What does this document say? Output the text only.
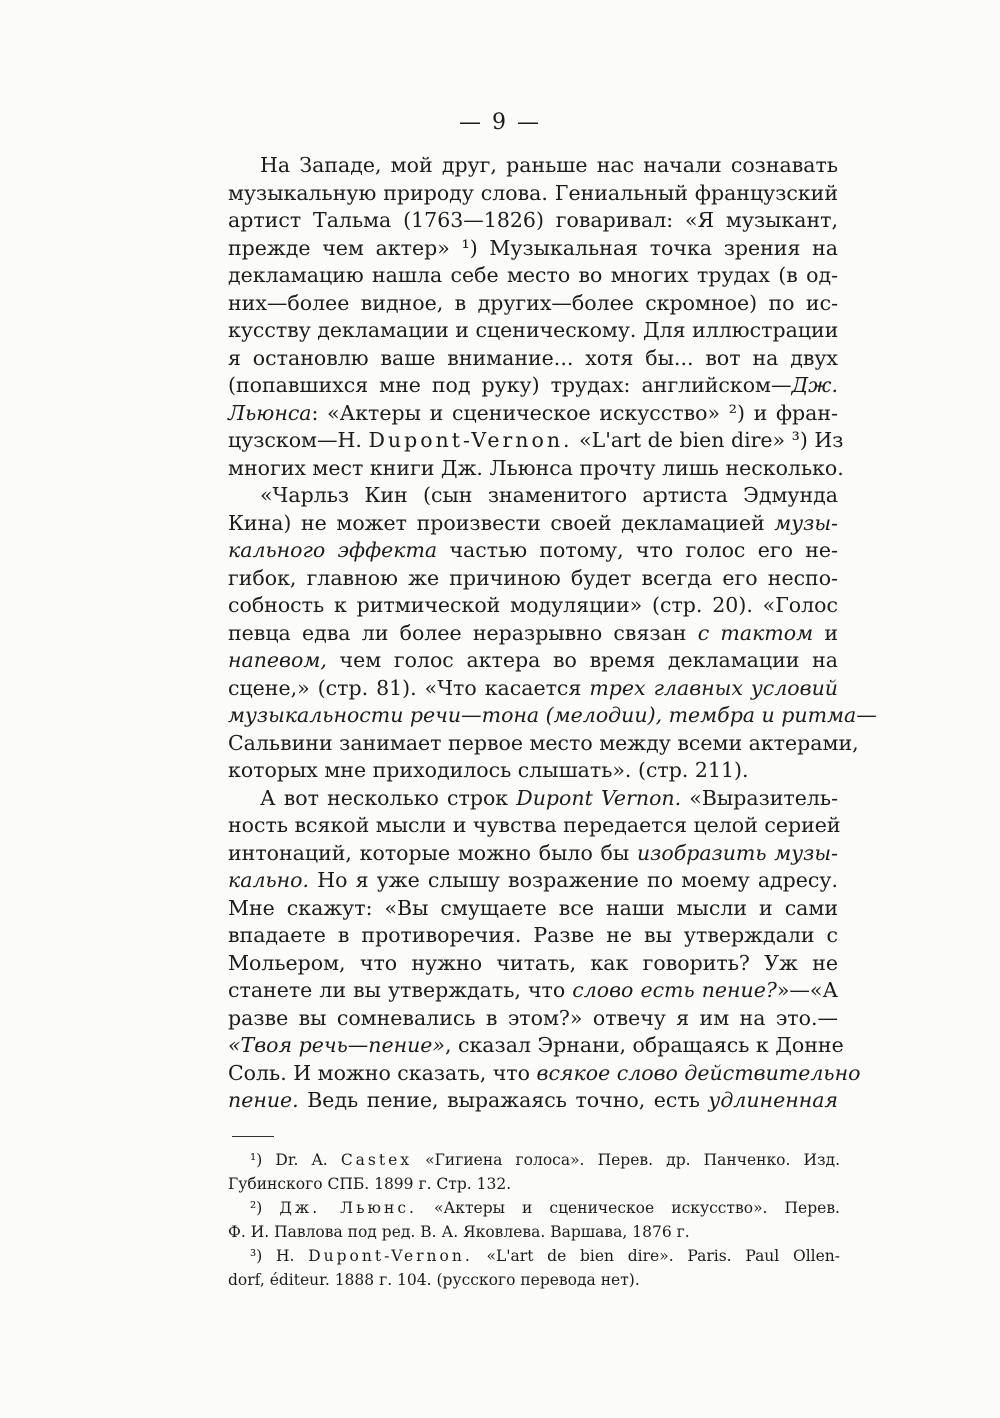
— 9 —
На Западе, мой друг, раньше нас начали сознавать
музыкальную природу слова. Гениальный французский
артист Тальма (1763—1826) говаривал: «Я музыкант,
прежде чем актер» ¹) Музыкальная точка зрения на
декламацию нашла себе место во многих трудах (в од-
них—более видное, в других—более скромное) по ис-
кусству декламации и сценическому. Для иллюстрации
я остановлю ваше внимание... хотя бы... вот на двух
(попавшихся мне под руку) трудах: английском—Дж.
Льюнса: «Актеры и сценическое искусство» ²) и фран-
цузском—Н. Dupont-Vernon. «L'art de bien dire» ³) Из
многих мест книги Дж. Льюнса прочту лишь несколько.
«Чарльз Кин (сын знаменитого артиста Эдмунда
Кина) не может произвести своей декламацией музы-
кального эффекта частью потому, что голос его не-
гибок, главною же причиною будет всегда его неспо-
собность к ритмической модуляции» (стр. 20). «Голос
певца едва ли более неразрывно связан с тактом и
напевом, чем голос актера во время декламации на
сцене,» (стр. 81). «Что касается трех главных условий
музыкальности речи—тона (мелодии), тембра и ритма—
Сальвини занимает первое место между всеми актерами,
которых мне приходилось слышать». (стр. 211).
А вот несколько строк Dupont Vernon. «Выразитель-
ность всякой мысли и чувства передается целой серией
интонаций, которые можно было бы изобразить музы-
кально. Но я уже слышу возражение по моему адресу.
Мне скажут: «Вы смущаете все наши мысли и сами
впадаете в противоречия. Разве не вы утверждали с
Мольером, что нужно читать, как говорить? Уж не
станете ли вы утверждать, что слово есть пение?»—«А
разве вы сомневались в этом?» отвечу я им на это.—
«Твоя речь—пение», сказал Эрнани, обращаясь к Донне
Соль. И можно сказать, что всякое слово действительно
пение. Ведь пение, выражаясь точно, есть удлиненная
¹) Dr. A. Castex «Гигиена голоса». Перев. др. Панченко. Изд.
Губинского СПБ. 1899 г. Стр. 132.
²) Дж. Льюнс. «Актеры и сценическое искусство». Перев.
Ф. И. Павлова под ред. В. А. Яковлева. Варшава, 1876 г.
³) Н. Dupont-Vernon. «L'art de bien dire». Paris. Paul Ollen-
dorf, éditeur. 1888 г. 104. (русского перевода нет).
